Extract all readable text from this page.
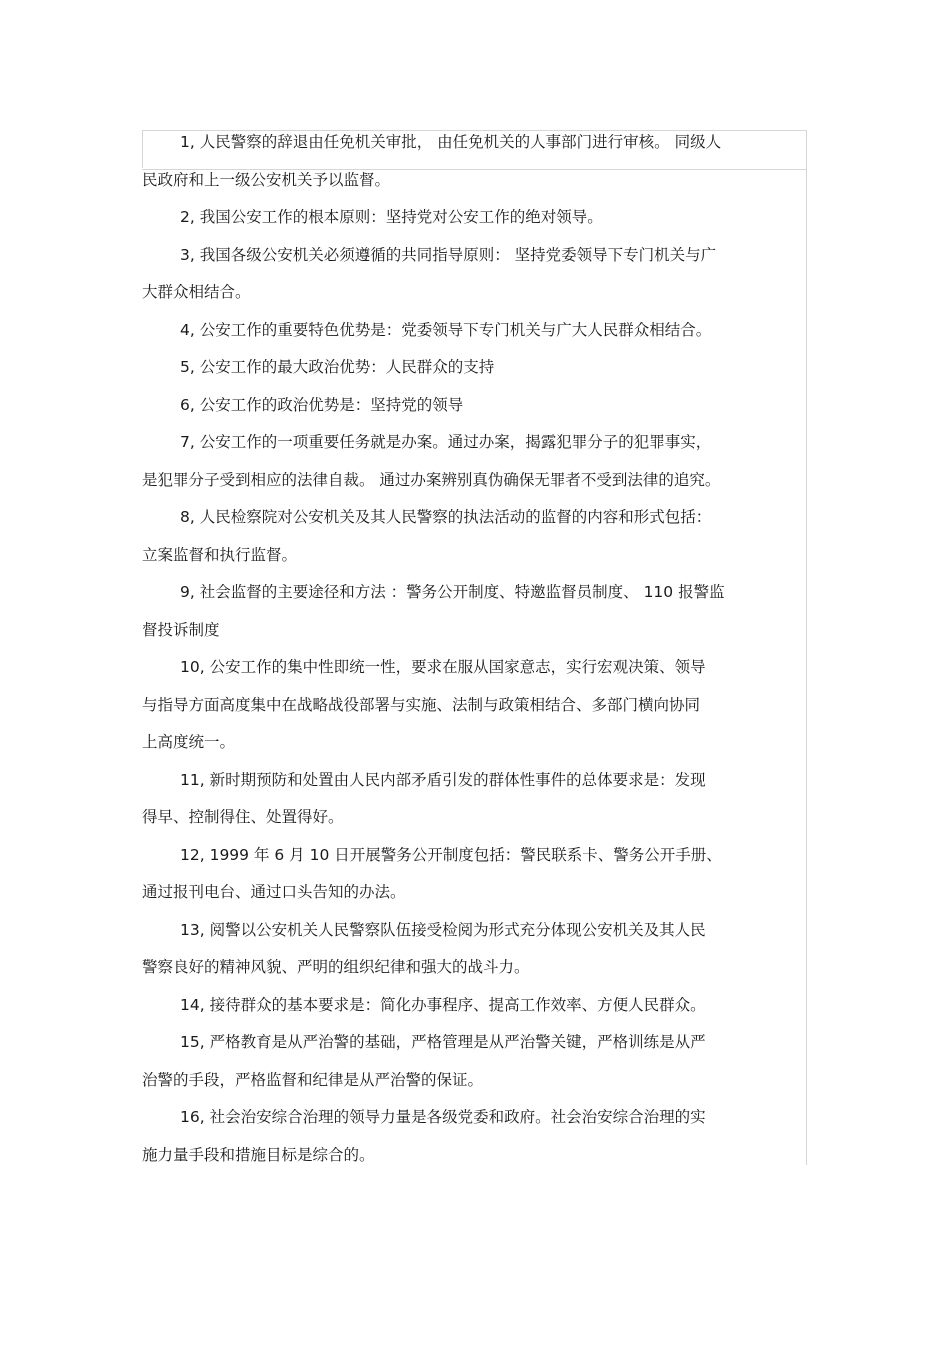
1, 人民警察的辞退由任免机关审批， 由任免机关的人事部门进行审核。 同级人
民政府和上一级公安机关予以监督。
2, 我国公安工作的根本原则：坚持党对公安工作的绝对领导。
3, 我国各级公安机关必须遵循的共同指导原则： 坚持党委领导下专门机关与广
大群众相结合。
4, 公安工作的重要特色优势是：党委领导下专门机关与广大人民群众相结合。
5, 公安工作的最大政治优势：人民群众的支持
6, 公安工作的政治优势是：坚持党的领导
7, 公安工作的一项重要任务就是办案。通过办案，揭露犯罪分子的犯罪事实，
是犯罪分子受到相应的法律自裁。 通过办案辨别真伪确保无罪者不受到法律的追究。
8, 人民检察院对公安机关及其人民警察的执法活动的监督的内容和形式包括：
立案监督和执行监督。
9, 社会监督的主要途径和方法 ：警务公开制度、特邀监督员制度、 110 报警监
督投诉制度
10, 公安工作的集中性即统一性，要求在服从国家意志，实行宏观决策、领导
与指导方面高度集中在战略战役部署与实施、法制与政策相结合、多部门横向协同
上高度统一。
11, 新时期预防和处置由人民内部矛盾引发的群体性事件的总体要求是：发现
得早、控制得住、处置得好。
12, 1999 年 6 月 10 日开展警务公开制度包括：警民联系卡、警务公开手册、
通过报刊电台、通过口头告知的办法。
13, 阅警以公安机关人民警察队伍接受检阅为形式充分体现公安机关及其人民
警察良好的精神风貌、严明的组织纪律和强大的战斗力。
14, 接待群众的基本要求是：简化办事程序、提高工作效率、方便人民群众。
15, 严格教育是从严治警的基础，严格管理是从严治警关键，严格训练是从严
治警的手段，严格监督和纪律是从严治警的保证。
16, 社会治安综合治理的领导力量是各级党委和政府。社会治安综合治理的实
施力量手段和措施目标是综合的。
